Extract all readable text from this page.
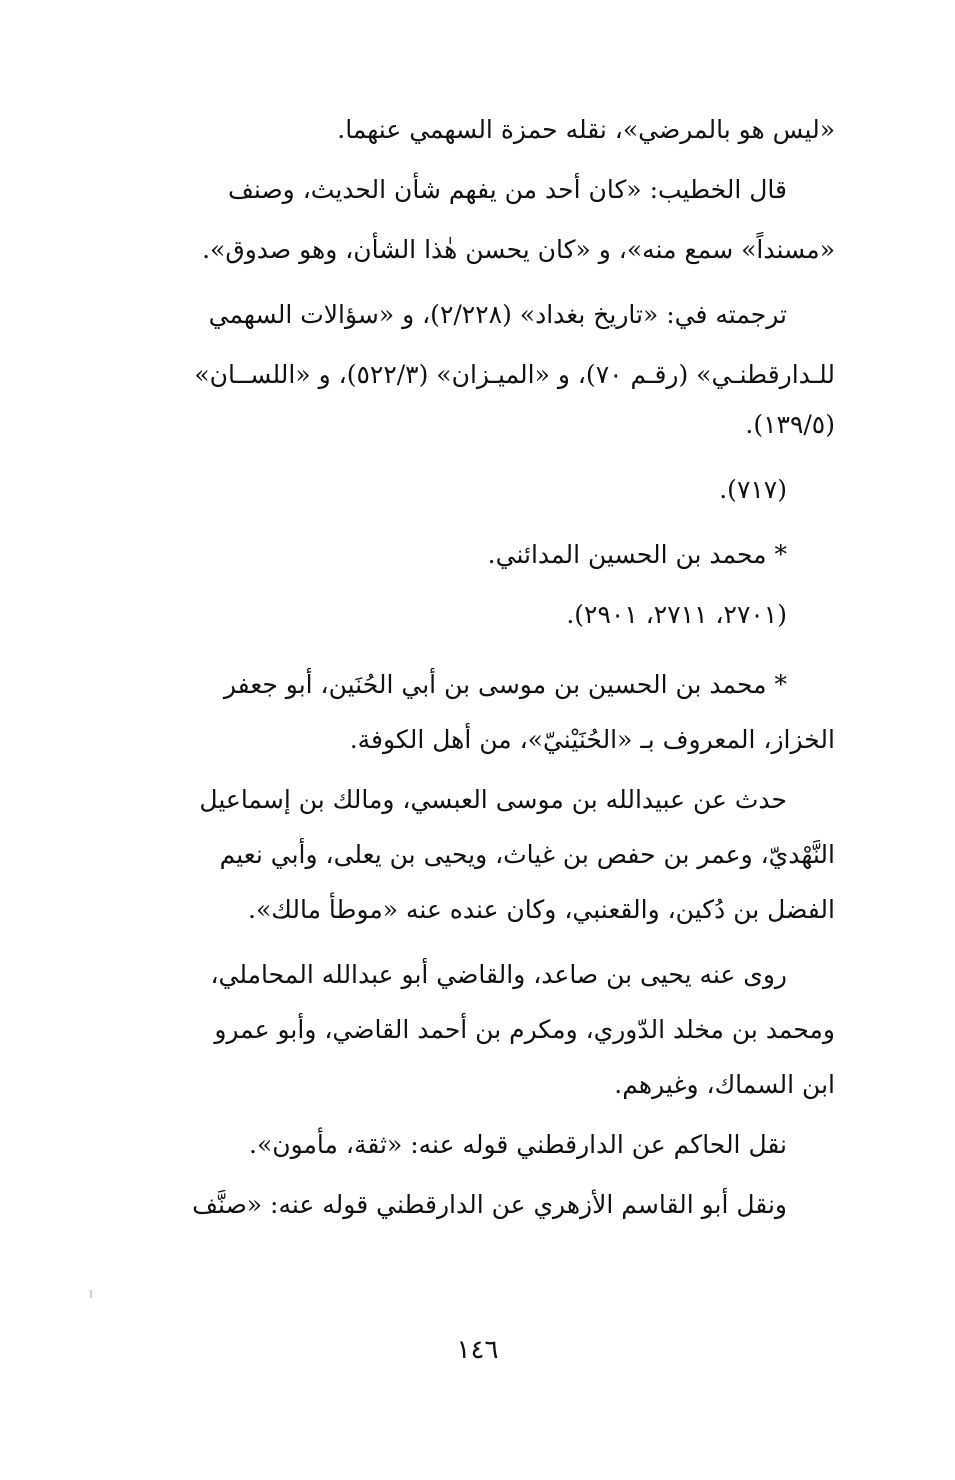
«ليس هو بالمرضي»، نقله حمزة السهمي عنهما.
قال الخطيب: «كان أحد من يفهم شأن الحديث، وصنف
«مسنداً» سمع منه»، و «كان يحسن هٰذا الشأن، وهو صدوق».
ترجمته في: «تاريخ بغداد» (٢/٢٢٨)، و «سؤالات السهمي
للـدارقطنـي» (رقـم ٧٠)، و «الميـزان» (٥٢٢/٣)، و «اللســان»
(١٣٩/٥).
(٧١٧).
* محمد بن الحسين المدائني.
(٢٧٠١، ٢٧١١، ٢٩٠١).
* محمد بن الحسين بن موسى بن أبي الحُنَين، أبو جعفر
الخزاز، المعروف بـ «الحُنَيْنيّ»، من أهل الكوفة.
حدث عن عبيدالله بن موسى العبسي، ومالك بن إسماعيل
النَّهْديّ، وعمر بن حفص بن غياث، ويحيى بن يعلى، وأبي نعيم
الفضل بن دُكين، والقعنبي، وكان عنده عنه «موطأ مالك».
روى عنه يحيى بن صاعد، والقاضي أبو عبدالله المحاملي،
ومحمد بن مخلد الدّوري، ومكرم بن أحمد القاضي، وأبو عمرو
ابن السماك، وغيرهم.
نقل الحاكم عن الدارقطني قوله عنه: «ثقة، مأمون».
ونقل أبو القاسم الأزهري عن الدارقطني قوله عنه: «صنَّف
١٤٦
